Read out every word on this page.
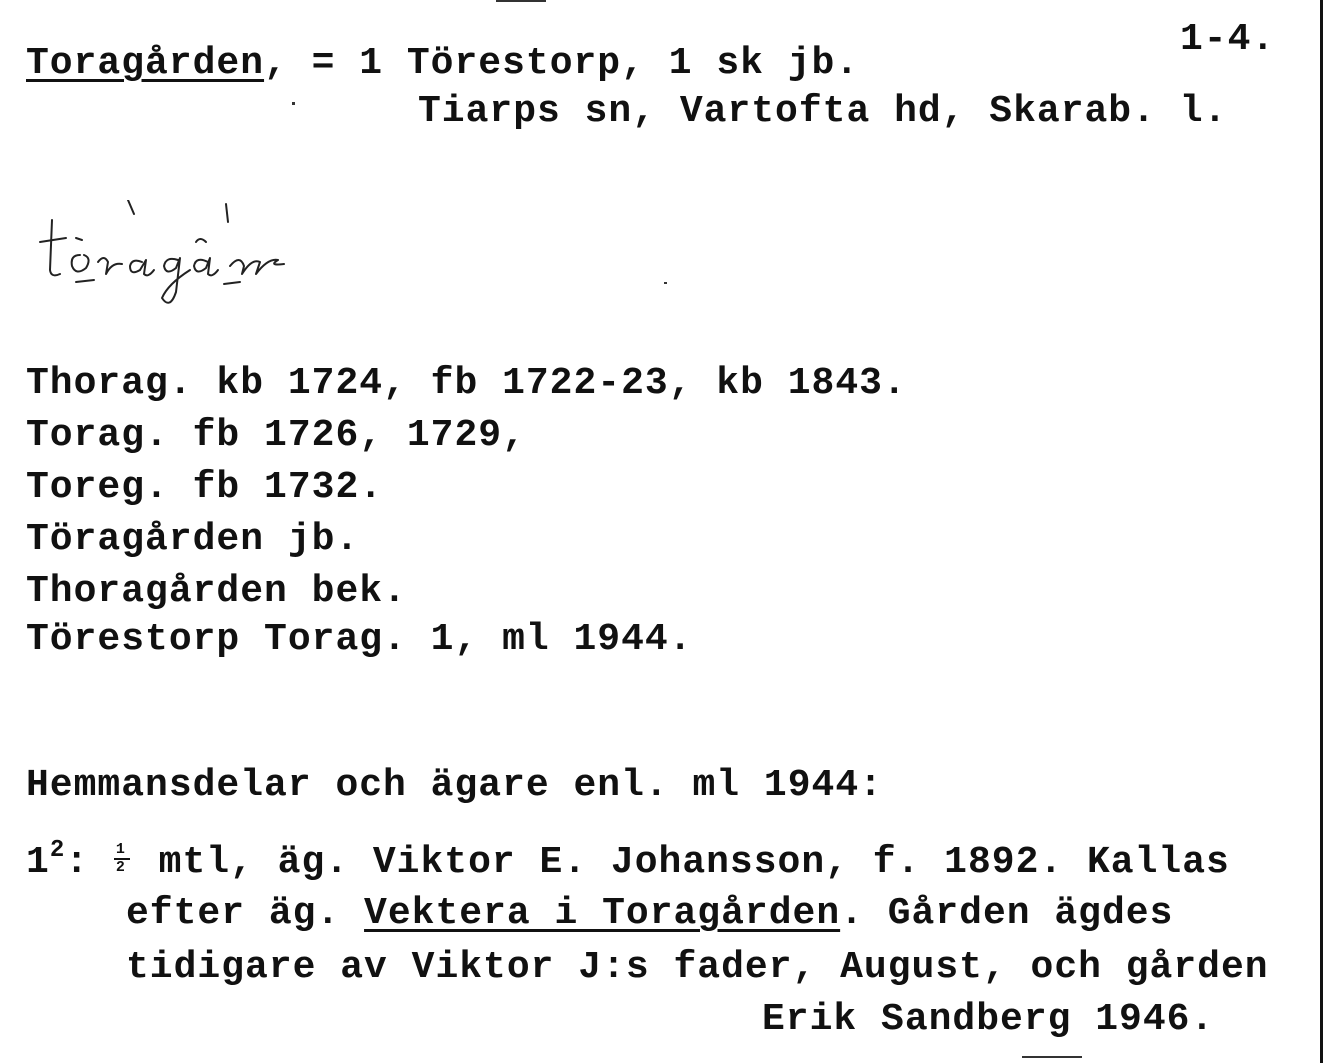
Toragården, = 1 Törestorp, 1 sk jb.
1-4.
Tiarps sn, Vartofta hd, Skarab. l.
Thorag. kb 1724, fb 1722-23, kb 1843.
Torag. fb 1726, 1729,
Toreg. fb 1732.
Töragården jb.
Thoragården bek.
Törestorp Torag. 1, ml 1944.
Hemmansdelar och ägare enl. ml 1944:
$1^2$: $\frac{1}{2}$ mtl, äg. Viktor E. Johansson, f. 1892. Kallas
efter äg. Vektera i Toragården. Gården ägdes
tidigare av Viktor J:s fader, August, och gården
Erik Sandberg 1946.
